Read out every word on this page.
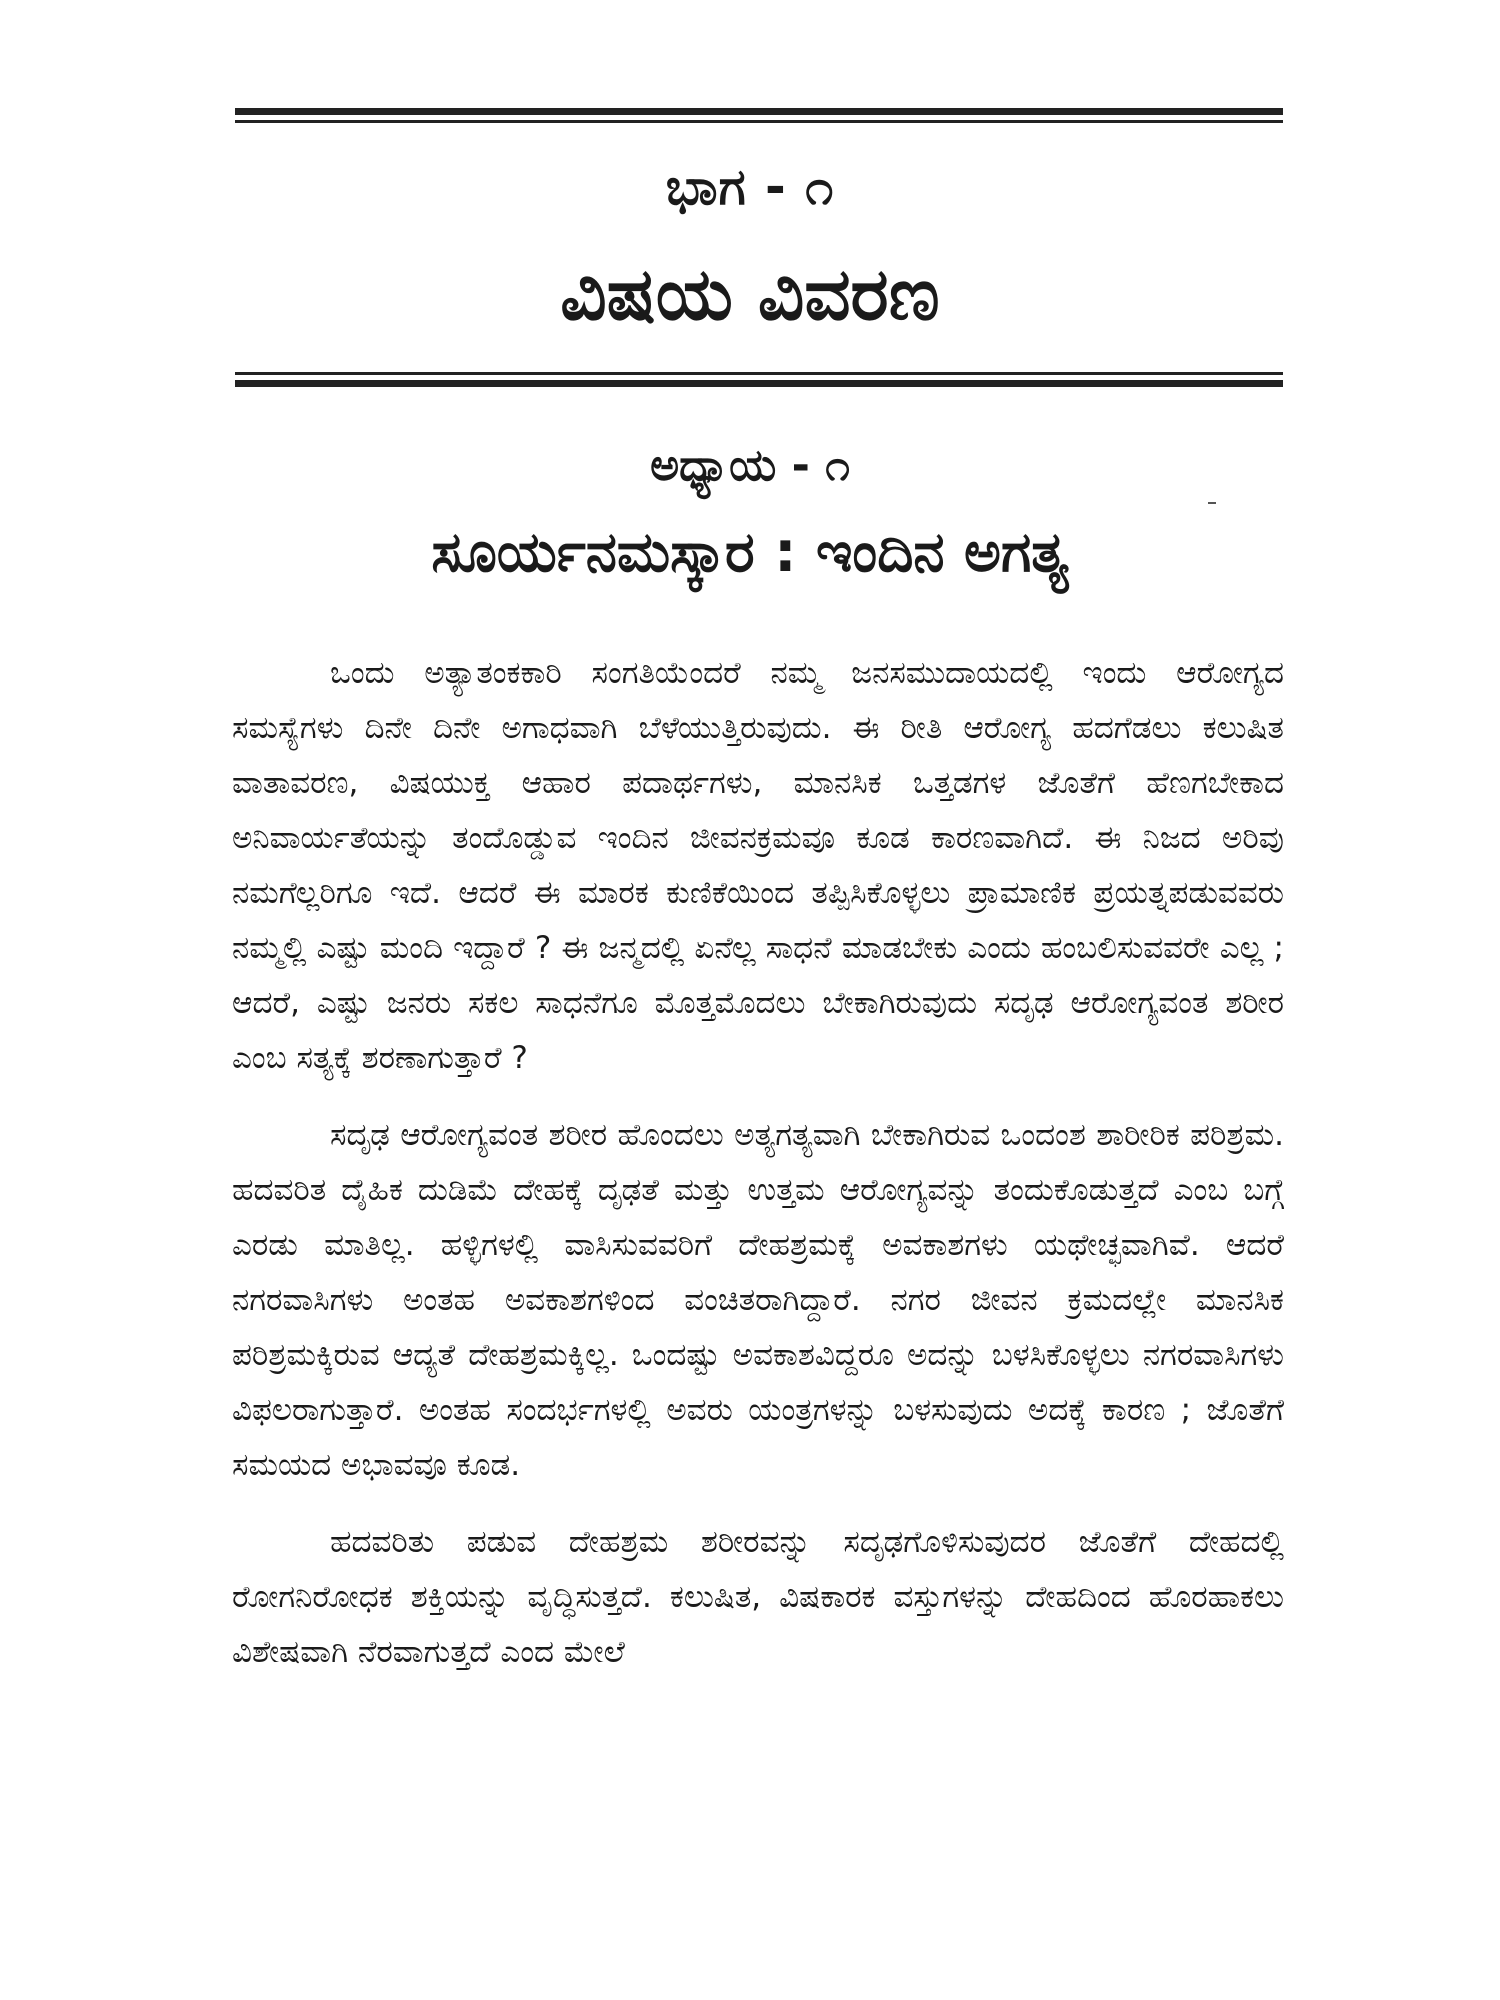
ಭಾಗ - ೧
ವಿಷಯ ವಿವರಣ
ಅಧ್ಯಾಯ - ೧
ಸೂರ್ಯನಮಸ್ಕಾರ : ಇಂದಿನ ಅಗತ್ಯ

ಒಂದು ಅತ್ಯಾತಂಕಕಾರಿ ಸಂಗತಿಯೆಂದರೆ ನಮ್ಮ ಜನಸಮುದಾಯದಲ್ಲಿ ಇಂದು ಆರೋಗ್ಯದ ಸಮಸ್ಯೆಗಳು ದಿನೇ ದಿನೇ ಅಗಾಧವಾಗಿ ಬೆಳೆಯುತ್ತಿರುವುದು. ಈ ರೀತಿ ಆರೋಗ್ಯ ಹದಗೆಡಲು ಕಲುಷಿತ ವಾತಾವರಣ, ವಿಷಯುಕ್ತ ಆಹಾರ ಪದಾರ್ಥಗಳು, ಮಾನಸಿಕ ಒತ್ತಡಗಳ ಜೊತೆಗೆ ಹೆಣಗಬೇಕಾದ ಅನಿವಾರ್ಯತೆಯನ್ನು ತಂದೊಡ್ಡುವ ಇಂದಿನ ಜೀವನಕ್ರಮವೂ ಕೂಡ ಕಾರಣವಾಗಿದೆ. ಈ ನಿಜದ ಅರಿವು ನಮಗೆಲ್ಲರಿಗೂ ಇದೆ. ಆದರೆ ಈ ಮಾರಕ ಕುಣಿಕೆಯಿಂದ ತಪ್ಪಿಸಿಕೊಳ್ಳಲು ಪ್ರಾಮಾಣಿಕ ಪ್ರಯತ್ನಪಡುವವರು ನಮ್ಮಲ್ಲಿ ಎಷ್ಟು ಮಂದಿ ಇದ್ದಾರೆ ? ಈ ಜನ್ಮದಲ್ಲಿ ಏನೆಲ್ಲ ಸಾಧನೆ ಮಾಡಬೇಕು ಎಂದು ಹಂಬಲಿಸುವವರೇ ಎಲ್ಲ ; ಆದರೆ, ಎಷ್ಟು ಜನರು ಸಕಲ ಸಾಧನೆಗೂ ಮೊತ್ತಮೊದಲು ಬೇಕಾಗಿರುವುದು ಸದೃಢ ಆರೋಗ್ಯವಂತ ಶರೀರ ಎಂಬ ಸತ್ಯಕ್ಕೆ ಶರಣಾಗುತ್ತಾರೆ ?

ಸದೃಢ ಆರೋಗ್ಯವಂತ ಶರೀರ ಹೊಂದಲು ಅತ್ಯಗತ್ಯವಾಗಿ ಬೇಕಾಗಿರುವ ಒಂದಂಶ ಶಾರೀರಿಕ ಪರಿಶ್ರಮ. ಹದವರಿತ ದೈಹಿಕ ದುಡಿಮೆ ದೇಹಕ್ಕೆ ದೃಢತೆ ಮತ್ತು ಉತ್ತಮ ಆರೋಗ್ಯವನ್ನು ತಂದುಕೊಡುತ್ತದೆ ಎಂಬ ಬಗ್ಗೆ ಎರಡು ಮಾತಿಲ್ಲ. ಹಳ್ಳಿಗಳಲ್ಲಿ ವಾಸಿಸುವವರಿಗೆ ದೇಹಶ್ರಮಕ್ಕೆ ಅವಕಾಶಗಳು ಯಥೇಚ್ಛವಾಗಿವೆ. ಆದರೆ ನಗರವಾಸಿಗಳು ಅಂತಹ ಅವಕಾಶಗಳಿಂದ ವಂಚಿತರಾಗಿದ್ದಾರೆ. ನಗರ ಜೀವನ ಕ್ರಮದಲ್ಲೇ ಮಾನಸಿಕ ಪರಿಶ್ರಮಕ್ಕಿರುವ ಆದ್ಯತೆ ದೇಹಶ್ರಮಕ್ಕಿಲ್ಲ. ಒಂದಷ್ಟು ಅವಕಾಶವಿದ್ದರೂ ಅದನ್ನು ಬಳಸಿಕೊಳ್ಳಲು ನಗರವಾಸಿಗಳು ವಿಫಲರಾಗುತ್ತಾರೆ. ಅಂತಹ ಸಂದರ್ಭಗಳಲ್ಲಿ ಅವರು ಯಂತ್ರಗಳನ್ನು ಬಳಸುವುದು ಅದಕ್ಕೆ ಕಾರಣ ; ಜೊತೆಗೆ ಸಮಯದ ಅಭಾವವೂ ಕೂಡ.

ಹದವರಿತು ಪಡುವ ದೇಹಶ್ರಮ ಶರೀರವನ್ನು ಸದೃಢಗೊಳಿಸುವುದರ ಜೊತೆಗೆ ದೇಹದಲ್ಲಿ ರೋಗನಿರೋಧಕ ಶಕ್ತಿಯನ್ನು ವೃದ್ಧಿಸುತ್ತದೆ. ಕಲುಷಿತ, ವಿಷಕಾರಕ ವಸ್ತುಗಳನ್ನು ದೇಹದಿಂದ ಹೊರಹಾಕಲು ವಿಶೇಷವಾಗಿ ನೆರವಾಗುತ್ತದೆ ಎಂದ ಮೇಲೆ
